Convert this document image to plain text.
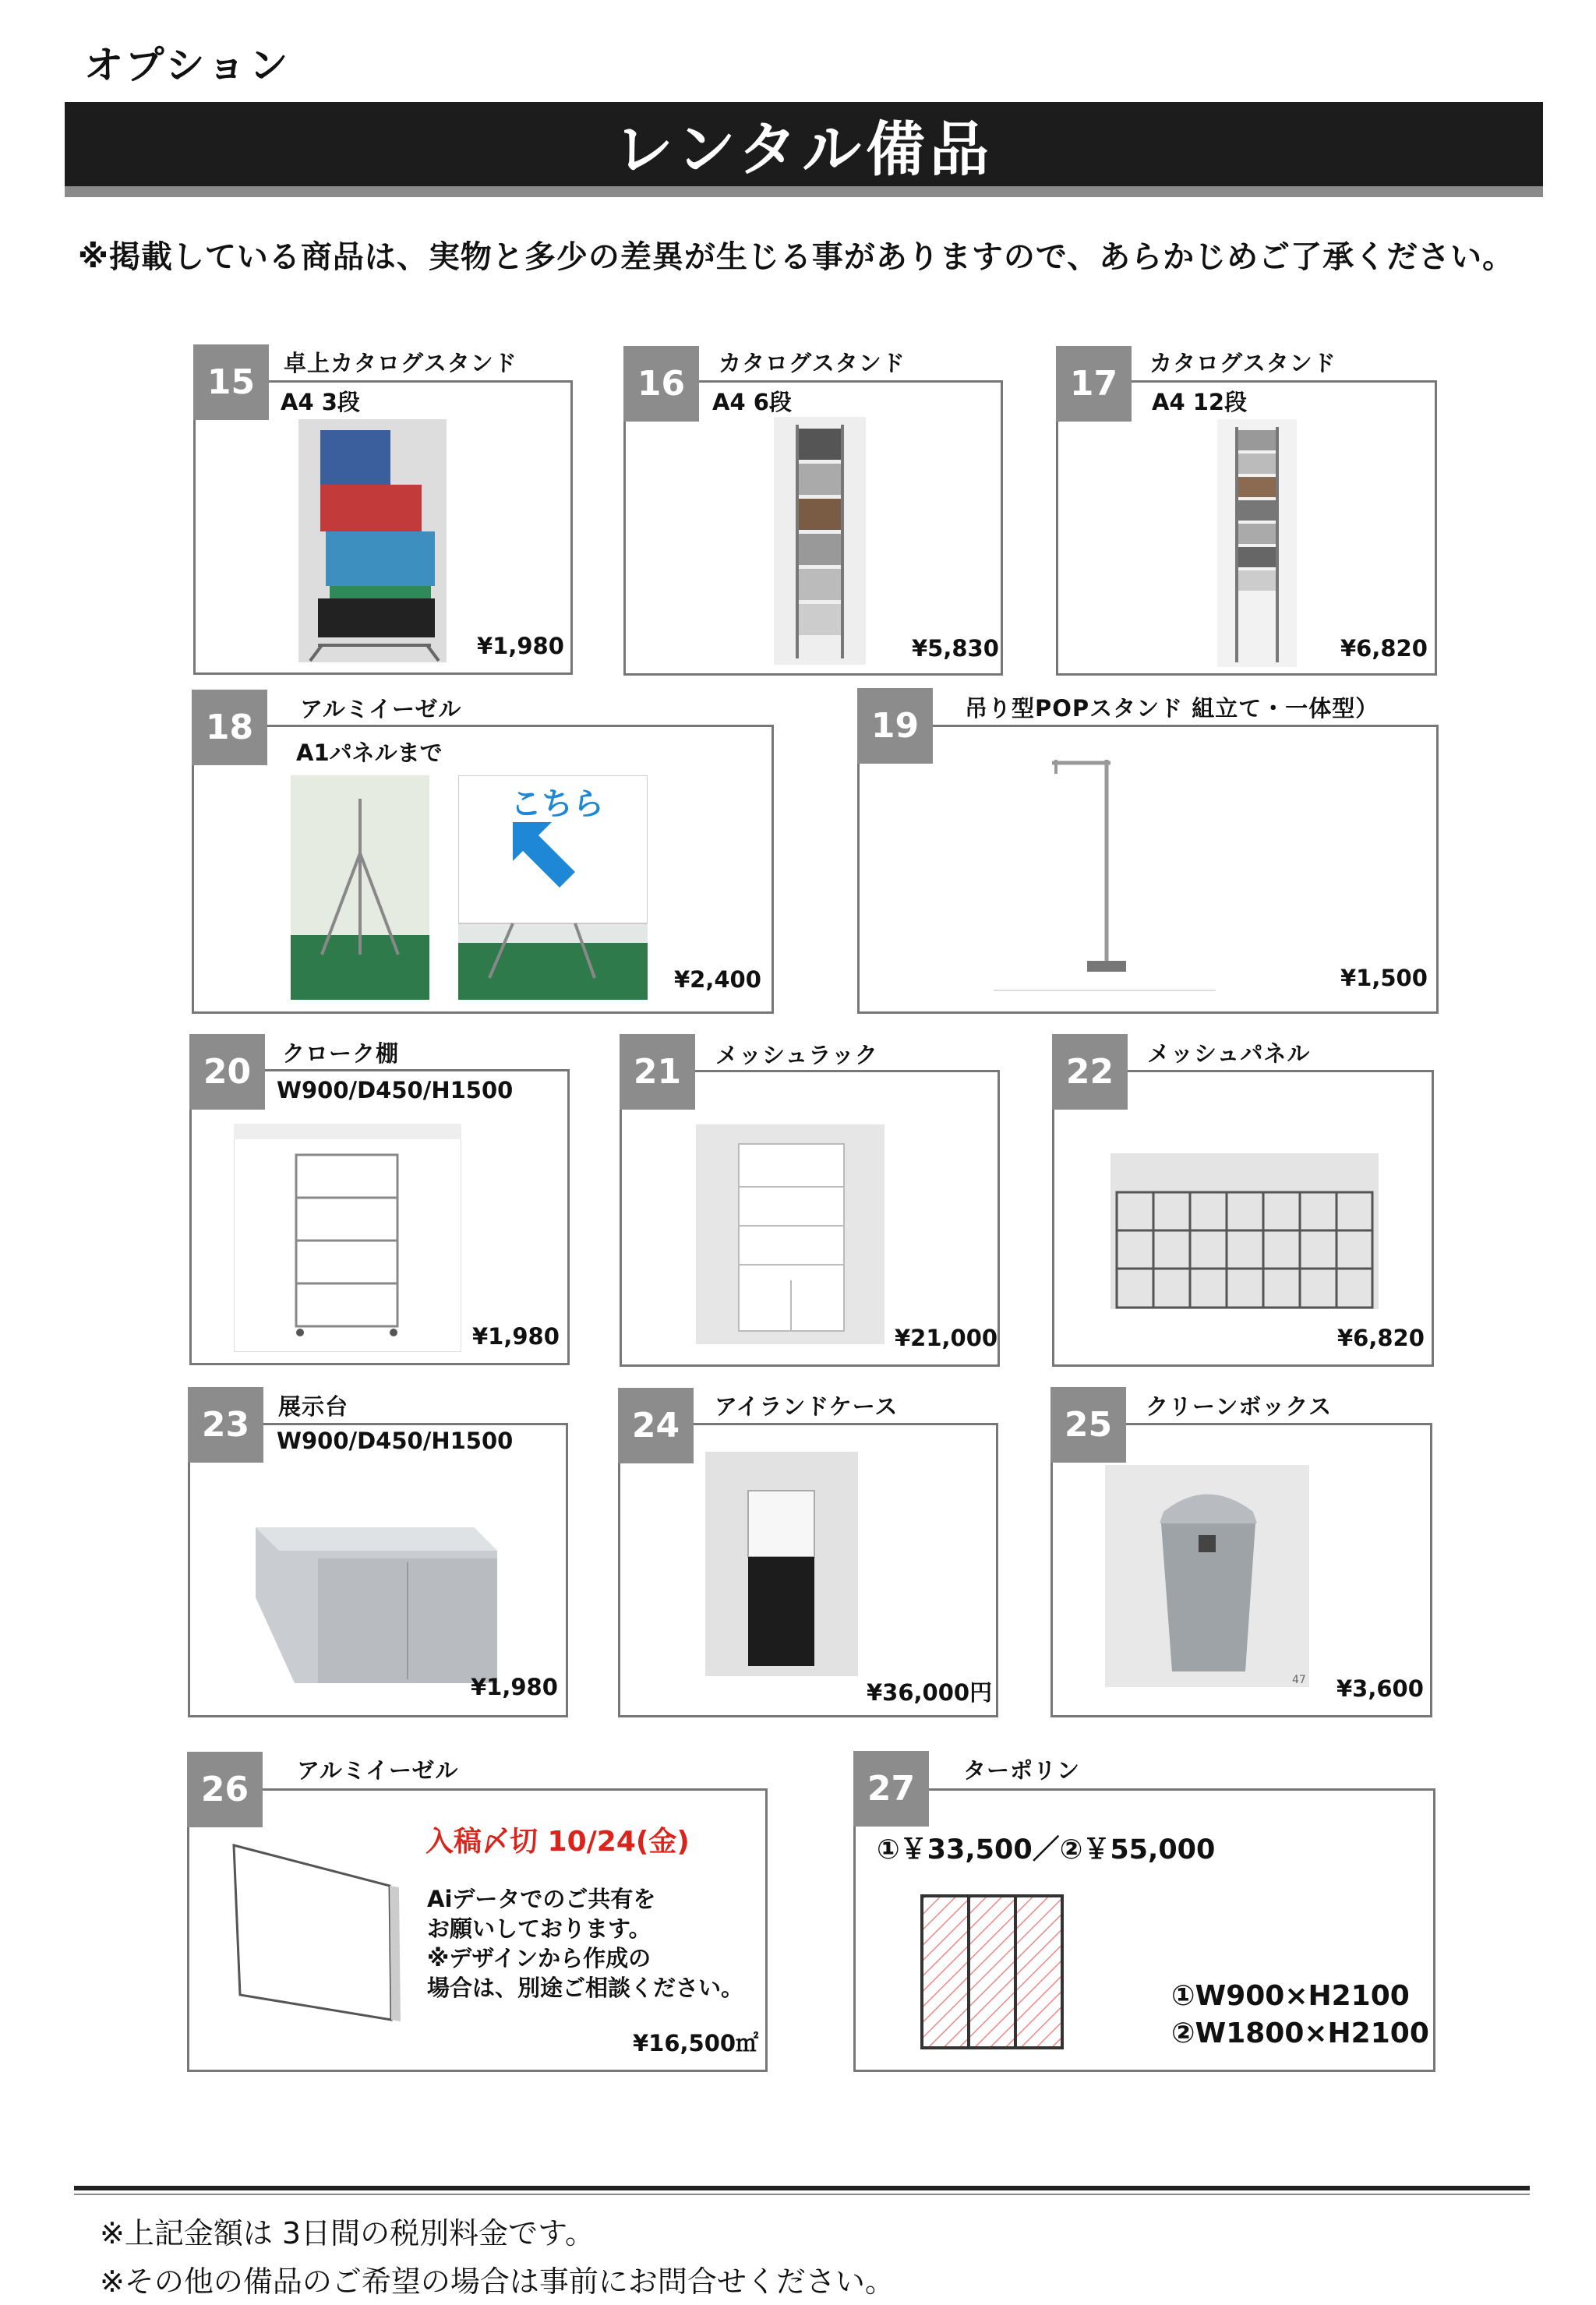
オプション
レンタル備品
※掲載している商品は、実物と多少の差異が生じる事がありますので、あらかじめご了承ください。
15	卓上カタログスタンド
A4 3段
¥1,980
16
カタログスタンド
A4 6段
¥5,830
17
カタログスタンド
A4 12段
¥6,820
18	アルミイーゼル
A1パネルまで
こちら
¥2,400
19	吊り型POPスタンド 組立て・一体型）
¥1,500
20	クローク棚
W900/D450/H1500
¥1,980
21	メッシュラック
¥21,000
22	メッシュパネル
¥6,820
23	展示台
W900/D450/H1500
¥1,980
24	アイランドケース
¥36,000円
25	クリーンボックス
47 ¥3,600
26	アルミイーゼル
入稿〆切 10/24(金)
Aiデータでのご共有を
お願いしております。
※デザインから作成の
場合は、別途ご相談ください。
¥16,500㎡
27	ターポリン
①￥33,500／②￥55,000
①W900×H2100
②W1800×H2100
※上記金額は 3日間の税別料金です。
※その他の備品のご希望の場合は事前にお問合せください。
